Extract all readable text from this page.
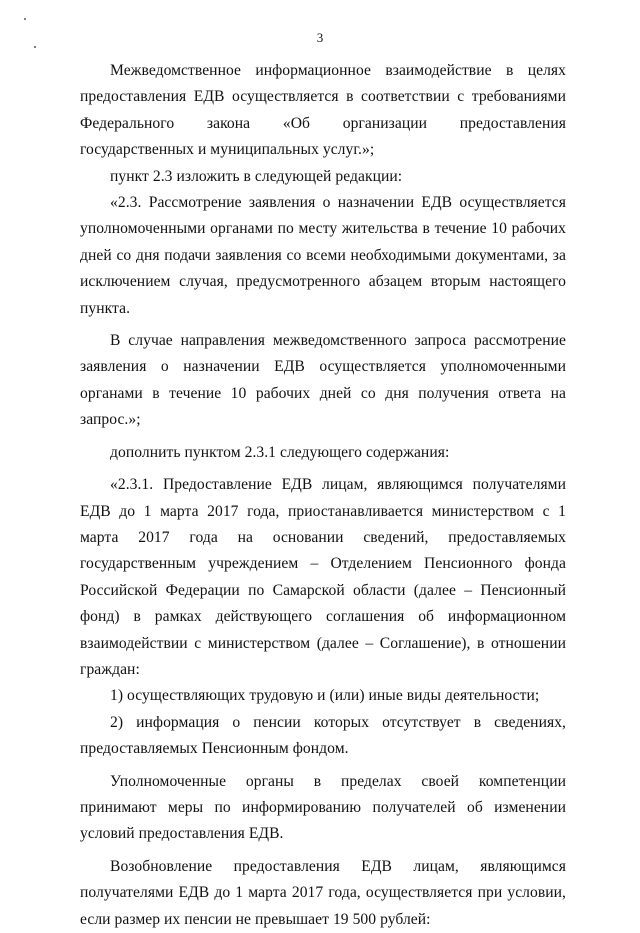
3

Межведомственное информационное взаимодействие в целях предоставления ЕДВ осуществляется в соответствии с требованиями Федерального закона «Об организации предоставления государственных и муниципальных услуг.»;

пункт 2.3 изложить в следующей редакции:

«2.3. Рассмотрение заявления о назначении ЕДВ осуществляется уполномоченными органами по месту жительства в течение 10 рабочих дней со дня подачи заявления со всеми необходимыми документами, за исключением случая, предусмотренного абзацем вторым настоящего пункта.

В случае направления межведомственного запроса рассмотрение заявления о назначении ЕДВ осуществляется уполномоченными органами в течение 10 рабочих дней со дня получения ответа на запрос.»;

дополнить пунктом 2.3.1 следующего содержания:

«2.3.1. Предоставление ЕДВ лицам, являющимся получателями ЕДВ до 1 марта 2017 года, приостанавливается министерством с 1 марта 2017 года на основании сведений, предоставляемых государственным учреждением – Отделением Пенсионного фонда Российской Федерации по Самарской области (далее – Пенсионный фонд) в рамках действующего соглашения об информационном взаимодействии с министерством (далее – Соглашение), в отношении граждан:

1) осуществляющих трудовую и (или) иные виды деятельности;

2) информация о пенсии которых отсутствует в сведениях, предоставляемых Пенсионным фондом.

Уполномоченные органы в пределах своей компетенции принимают меры по информированию получателей об изменении условий предоставления ЕДВ.

Возобновление предоставления ЕДВ лицам, являющимся получателями ЕДВ до 1 марта 2017 года, осуществляется при условии, если размер их пенсии не превышает 19 500 рублей:
